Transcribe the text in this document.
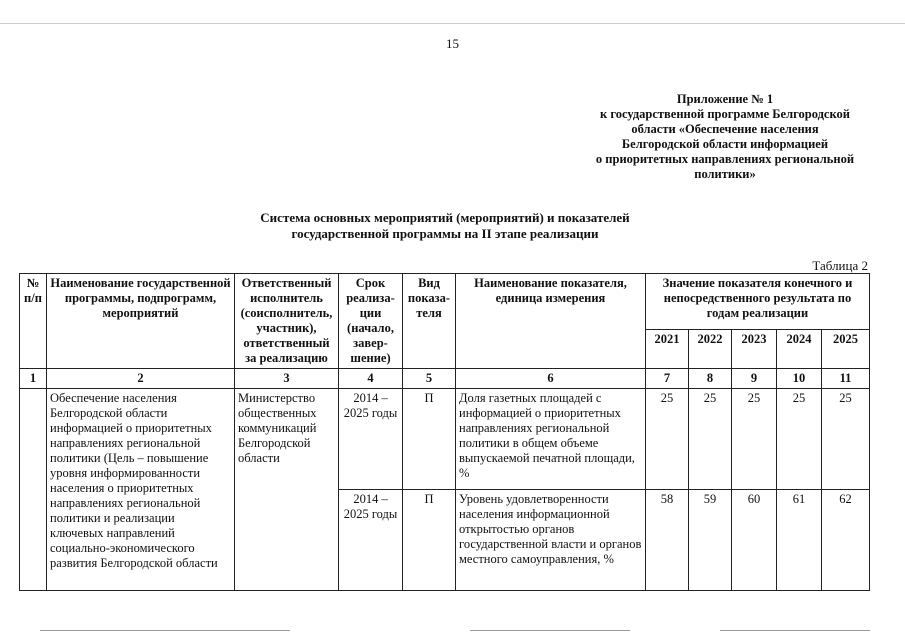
15
Приложение № 1
к государственной программе Белгородской
области «Обеспечение населения
Белгородской области информацией
о приоритетных направлениях региональной
политики»
Система основных мероприятий (мероприятий) и показателей
государственной программы на II этапе реализации
Таблица 2
№ п/п	Наименование государственной программы, подпрограмм, мероприятий	Ответственный исполнитель (соисполнитель, участник), ответственный за реализацию	Срок реализа- ции (начало, завер- шение)	Вид показа- теля	Наименование показателя, единица измерения	Значение показателя конечного и непосредственного результата по годам реализации				
						2021	2022	2023	2024	2025
1	2	3	4	5	6	7	8	9	10	11
	Обеспечение населения Белгородской области информацией о приоритетных направлениях региональной политики (Цель – повышение уровня информированности населения о приоритетных направлениях региональной политики и реализации ключевых направлений социально-экономического развития Белгородской области	Министерство общественных коммуникаций Белгородской области	2014 – 2025 годы	П	Доля газетных площадей с информацией о приоритетных направлениях региональной политики в общем объеме выпускаемой печатной площади, %	25	25	25	25	25
			2014 – 2025 годы	П	Уровень удовлетворенности населения информационной открытостью органов государственной власти и органов местного самоуправления, %	58	59	60	61	62
